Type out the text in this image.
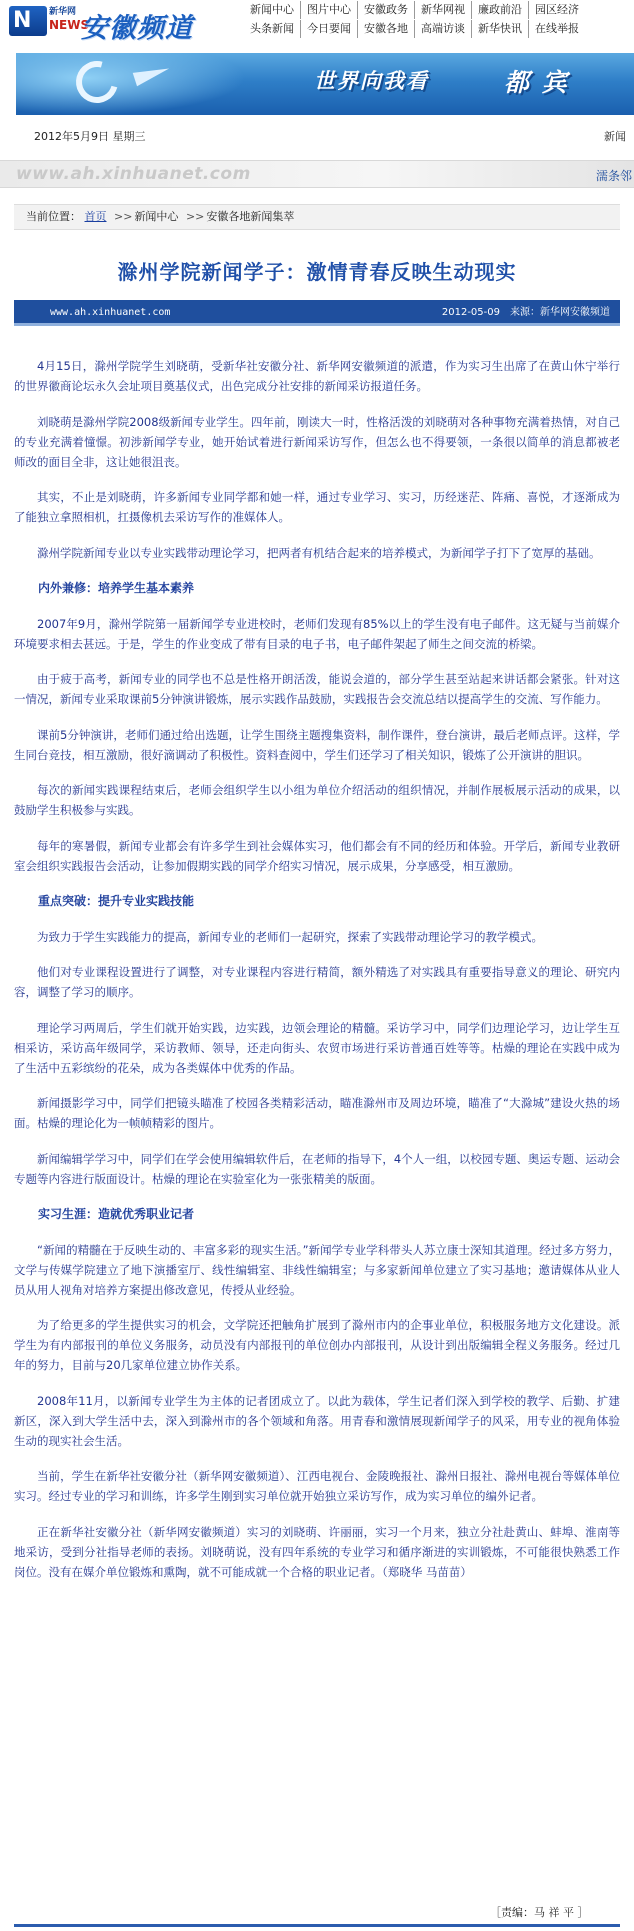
N 新华网
NEWS
安徽频道
新闻中心 图片中心 安徽政务 新华网视 廉政前沿 园区经济
头条新闻 今日要闻 安徽各地 高端访谈 新华快讯 在线举报
世界向我看	都 宾
2012年5月9日 星期三	新闻
www.ah.xinhuanet.com	濡条邻
当前位置： 首页 >> 新闻中心 >> 安徽各地新闻集萃
滁州学院新闻学子：激情青春反映生动现实
www.ah.xinhuanet.com	2012-05-09　来源：新华网安徽频道

4月15日，滁州学院学生刘晓萌，受新华社安徽分社、新华网安徽频道的派遣，作为实习生出席了在黄山休宁举行的世界徽商论坛永久会址项目奠基仪式，出色完成分社安排的新闻采访报道任务。

刘晓萌是滁州学院2008级新闻专业学生。四年前，刚读大一时，性格活泼的刘晓萌对各种事物充满着热情，对自己的专业充满着憧憬。初涉新闻学专业，她开始试着进行新闻采访写作，但怎么也不得要领，一条很以简单的消息都被老师改的面目全非，这让她很沮丧。

其实，不止是刘晓萌，许多新闻专业同学都和她一样，通过专业学习、实习，历经迷茫、阵痛、喜悦，才逐渐成为了能独立拿照相机，扛摄像机去采访写作的准媒体人。

滁州学院新闻专业以专业实践带动理论学习，把两者有机结合起来的培养模式，为新闻学子打下了宽厚的基础。

内外兼修：培养学生基本素养

2007年9月，滁州学院第一届新闻学专业进校时，老师们发现有85%以上的学生没有电子邮件。这无疑与当前媒介环境要求相去甚远。于是，学生的作业变成了带有目录的电子书，电子邮件架起了师生之间交流的桥梁。

由于疲于高考，新闻专业的同学也不总是性格开朗活泼，能说会道的，部分学生甚至站起来讲话都会紧张。针对这一情况，新闻专业采取课前5分钟演讲锻炼，展示实践作品鼓励，实践报告会交流总结以提高学生的交流、写作能力。

课前5分钟演讲，老师们通过给出选题，让学生围绕主题搜集资料，制作课件，登台演讲，最后老师点评。这样，学生同台竞技，相互激励，很好滴调动了积极性。资料查阅中，学生们还学习了相关知识，锻炼了公开演讲的胆识。

每次的新闻实践课程结束后，老师会组织学生以小组为单位介绍活动的组织情况，并制作展板展示活动的成果，以鼓励学生积极参与实践。

每年的寒暑假，新闻专业都会有许多学生到社会媒体实习，他们都会有不同的经历和体验。开学后，新闻专业教研室会组织实践报告会活动，让参加假期实践的同学介绍实习情况，展示成果，分享感受，相互激励。

重点突破：提升专业实践技能

为致力于学生实践能力的提高，新闻专业的老师们一起研究，探索了实践带动理论学习的教学模式。

他们对专业课程设置进行了调整，对专业课程内容进行精简，额外精选了对实践具有重要指导意义的理论、研究内容，调整了学习的顺序。

理论学习两周后，学生们就开始实践，边实践，边领会理论的精髓。采访学习中，同学们边理论学习，边让学生互相采访，采访高年级同学，采访教师、领导，还走向街头、农贸市场进行采访普通百姓等等。枯燥的理论在实践中成为了生活中五彩缤纷的花朵，成为各类媒体中优秀的作品。

新闻摄影学习中，同学们把镜头瞄准了校园各类精彩活动，瞄准滁州市及周边环境，瞄准了“大滁城”建设火热的场面。枯燥的理论化为一帧帧精彩的图片。

新闻编辑学学习中，同学们在学会使用编辑软件后，在老师的指导下，4个人一组，以校园专题、奥运专题、运动会专题等内容进行版面设计。枯燥的理论在实验室化为一张张精美的版面。

实习生涯：造就优秀职业记者

“新闻的精髓在于反映生动的、丰富多彩的现实生活。”新闻学专业学科带头人苏立康士深知其道理。经过多方努力，文学与传媒学院建立了地下演播室厅、线性编辑室、非线性编辑室；与多家新闻单位建立了实习基地；邀请媒体从业人员从用人视角对培养方案提出修改意见，传授从业经验。

为了给更多的学生提供实习的机会，文学院还把触角扩展到了滁州市内的企事业单位，积极服务地方文化建设。派学生为有内部报刊的单位义务服务，动员没有内部报刊的单位创办内部报刊，从设计到出版编辑全程义务服务。经过几年的努力，目前与20几家单位建立协作关系。

2008年11月，以新闻专业学生为主体的记者团成立了。以此为载体，学生记者们深入到学校的教学、后勤、扩建新区，深入到大学生活中去，深入到滁州市的各个领域和角落。用青春和激情展现新闻学子的风采，用专业的视角体验生动的现实社会生活。

当前，学生在新华社安徽分社（新华网安徽频道）、江西电视台、金陵晚报社、滁州日报社、滁州电视台等媒体单位实习。经过专业的学习和训练，许多学生刚到实习单位就开始独立采访写作，成为实习单位的编外记者。

正在新华社安徽分社（新华网安徽频道）实习的刘晓萌、许丽丽，实习一个月来，独立分社赴黄山、蚌埠、淮南等地采访，受到分社指导老师的表扬。刘晓萌说，没有四年系统的专业学习和循序渐进的实训锻炼，不可能很快熟悉工作岗位。没有在媒介单位锻炼和熏陶，就不可能成就一个合格的职业记者。（郑晓华 马苗苗）

［责编：马 祥 平 ］
